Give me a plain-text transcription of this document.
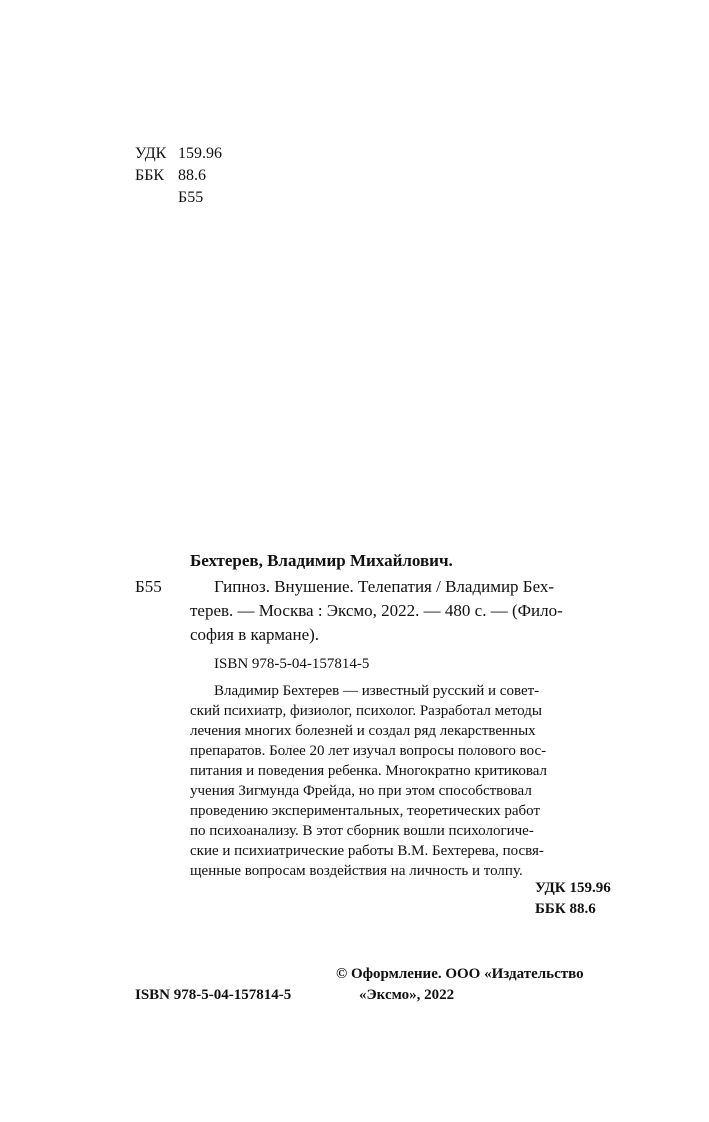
УДК 159.96
ББК 88.6
Б55
Бехтерев, Владимир Михайлович.
Б55	Гипноз. Внушение. Телепатия / Владимир Бех-
терев. — Москва : Эксмо, 2022. — 480 с. — (Фило-
софия в кармане).
ISBN 978-5-04-157814-5
Владимир Бехтерев — известный русский и совет-
ский психиатр, физиолог, психолог. Разработал методы
лечения многих болезней и создал ряд лекарственных
препаратов. Более 20 лет изучал вопросы полового вос-
питания и поведения ребенка. Многократно критиковал
учения Зигмунда Фрейда, но при этом способствовал
проведению экспериментальных, теоретических работ
по психоанализу. В этот сборник вошли психологиче-
ские и психиатрические работы В.М. Бехтерева, посвя-
щенные вопросам воздействия на личность и толпу.
УДК 159.96
ББК 88.6
ISBN 978-5-04-157814-5
© Оформление. ООО «Издательство
«Эксмо», 2022
